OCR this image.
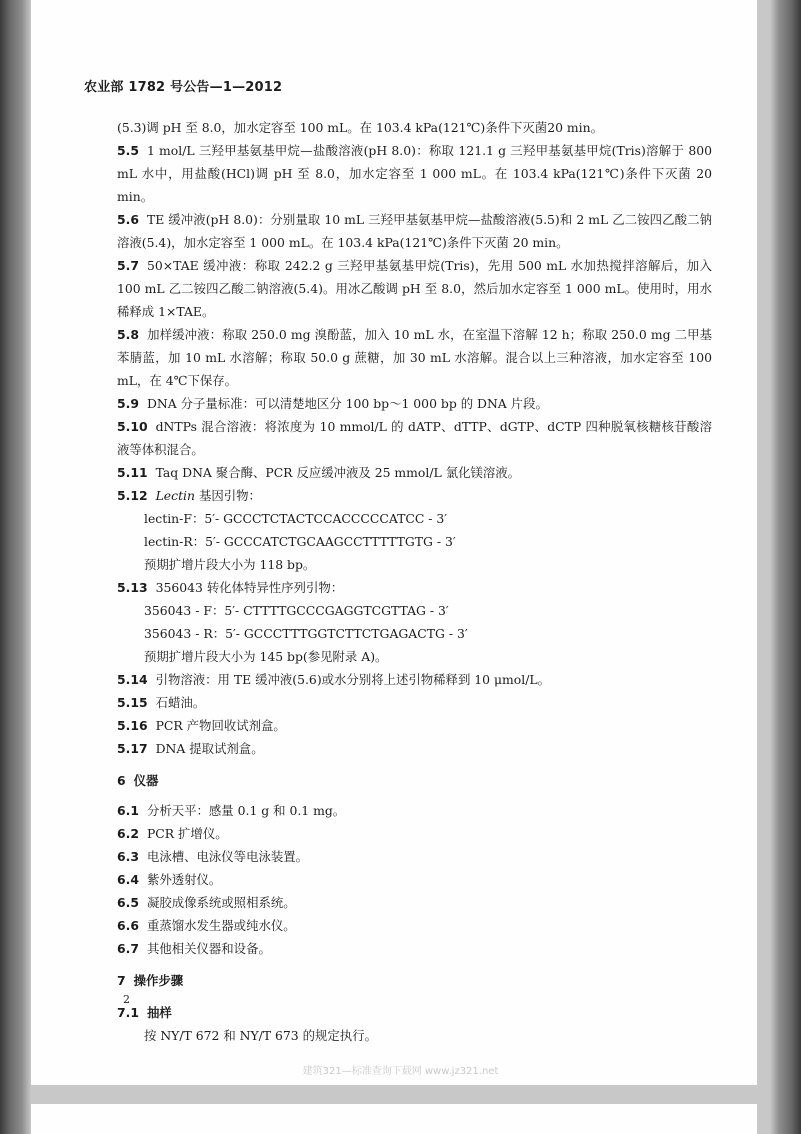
农业部 1782 号公告—1—2012

(5.3)调 pH 至 8.0，加水定容至 100 mL。在 103.4 kPa(121℃)条件下灭菌20 min。

5.5 1 mol/L 三羟甲基氨基甲烷—盐酸溶液(pH 8.0)：称取 121.1 g 三羟甲基氨基甲烷(Tris)溶解于 800 mL 水中，用盐酸(HCl)调 pH 至 8.0，加水定容至 1 000 mL。在 103.4 kPa(121℃)条件下灭菌 20 min。

5.6 TE 缓冲液(pH 8.0)：分别量取 10 mL 三羟甲基氨基甲烷—盐酸溶液(5.5)和 2 mL 乙二铵四乙酸二钠溶液(5.4)，加水定容至 1 000 mL。在 103.4 kPa(121℃)条件下灭菌 20 min。

5.7 50×TAE 缓冲液：称取 242.2 g 三羟甲基氨基甲烷(Tris)，先用 500 mL 水加热搅拌溶解后，加入 100 mL 乙二铵四乙酸二钠溶液(5.4)。用冰乙酸调 pH 至 8.0，然后加水定容至 1 000 mL。使用时，用水稀释成 1×TAE。

5.8 加样缓冲液：称取 250.0 mg 溴酚蓝，加入 10 mL 水，在室温下溶解 12 h；称取 250.0 mg 二甲基苯腈蓝，加 10 mL 水溶解；称取 50.0 g 蔗糖，加 30 mL 水溶解。混合以上三种溶液，加水定容至 100 mL，在 4℃下保存。

5.9 DNA 分子量标准：可以清楚地区分 100 bp～1 000 bp 的 DNA 片段。

5.10 dNTPs 混合溶液：将浓度为 10 mmol/L 的 dATP、dTTP、dGTP、dCTP 四种脱氧核糖核苷酸溶液等体积混合。

5.11 Taq DNA 聚合酶、PCR 反应缓冲液及 25 mmol/L 氯化镁溶液。

5.12 Lectin 基因引物：

lectin-F：5′- GCCCTCTACTCCACCCCCATCC - 3′

lectin-R：5′- GCCCATCTGCAAGCCTTTTTGTG - 3′

预期扩增片段大小为 118 bp。

5.13 356043 转化体特异性序列引物：

356043 - F：5′- CTTTTGCCCGAGGTCGTTAG - 3′

356043 - R：5′- GCCCTTTGGTCTTCTGAGACTG - 3′

预期扩增片段大小为 145 bp(参见附录 A)。

5.14 引物溶液：用 TE 缓冲液(5.6)或水分别将上述引物稀释到 10 μmol/L。

5.15 石蜡油。

5.16 PCR 产物回收试剂盒。

5.17 DNA 提取试剂盒。

6 仪器

6.1 分析天平：感量 0.1 g 和 0.1 mg。

6.2 PCR 扩增仪。

6.3 电泳槽、电泳仪等电泳装置。

6.4 紫外透射仪。

6.5 凝胶成像系统或照相系统。

6.6 重蒸馏水发生器或纯水仪。

6.7 其他相关仪器和设备。

7 操作步骤

7.1 抽样

按 NY/T 672 和 NY/T 673 的规定执行。

2
建筑321—标准查询下载网 www.jz321.net
